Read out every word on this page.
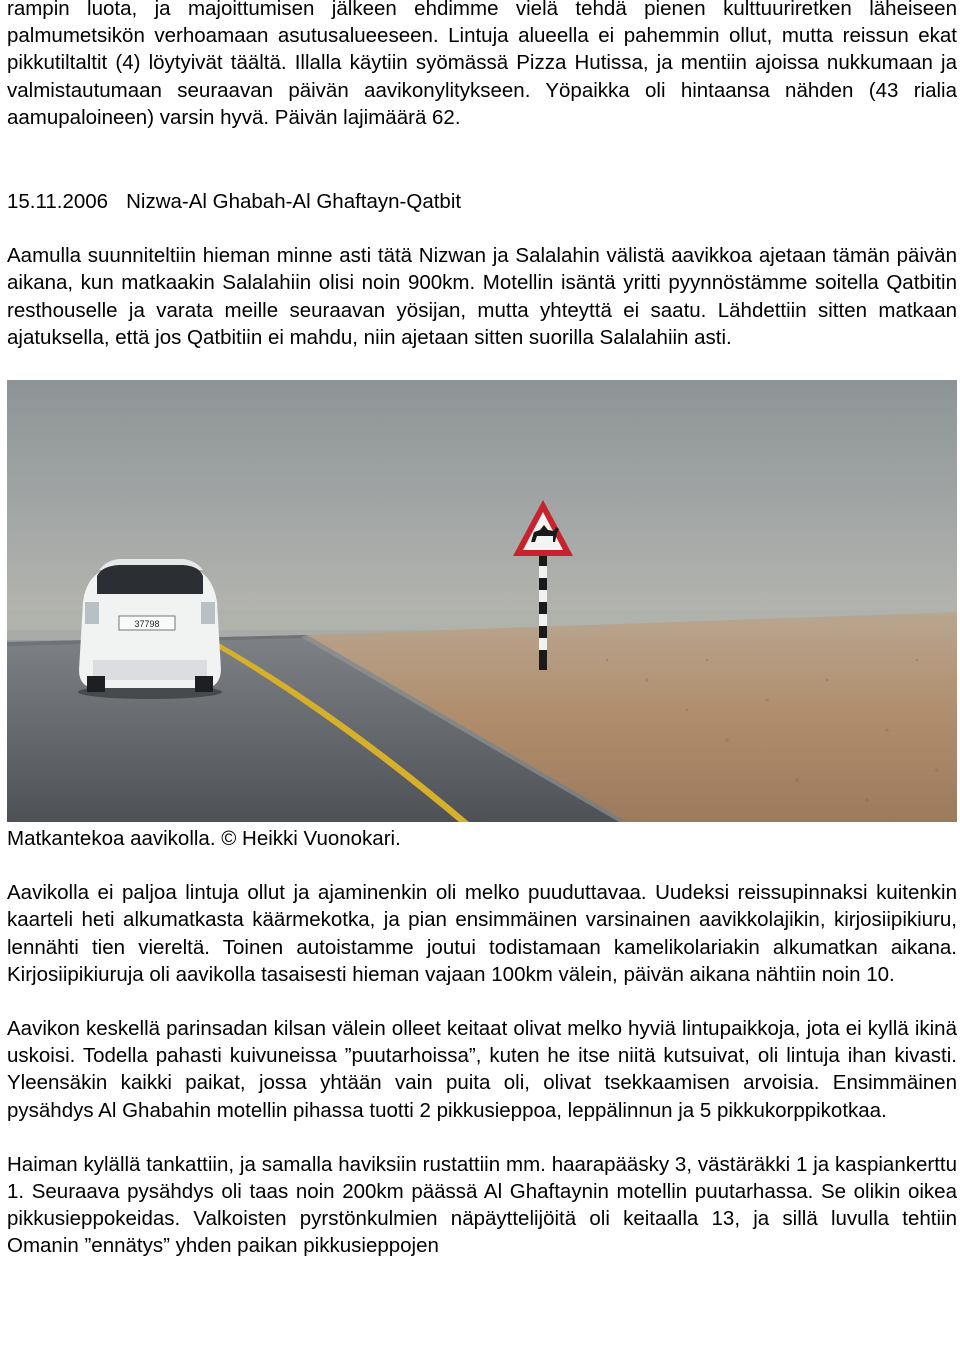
rampin luota, ja majoittumisen jälkeen ehdimme vielä tehdä pienen kulttuuriretken läheiseen palmumetsikön verhoamaan asutusalueeseen. Lintuja alueella ei pahemmin ollut, mutta reissun ekat pikkutiltaltit (4) löytyivät täältä. Illalla käytiin syömässä Pizza Hutissa, ja mentiin ajoissa nukkumaan ja valmistautumaan seuraavan päivän aavikonylitykseen. Yöpaikka oli hintaansa nähden (43 rialia aamupaloineen) varsin hyvä. Päivän lajimäärä 62.

15.11.2006 Nizwa-Al Ghabah-Al Ghaftayn-Qatbit

Aamulla suunniteltiin hieman minne asti tätä Nizwan ja Salalahin välistä aavikkoa ajetaan tämän päivän aikana, kun matkaakin Salalahiin olisi noin 900km. Motellin isäntä yritti pyynnöstämme soitella Qatbitin resthouselle ja varata meille seuraavan yösijan, mutta yhteyttä ei saatu. Lähdettiin sitten matkaan ajatuksella, että jos Qatbitiin ei mahdu, niin ajetaan sitten suorilla Salalahiin asti.

37798
Matkantekoa aavikolla. © Heikki Vuonokari.

Aavikolla ei paljoa lintuja ollut ja ajaminenkin oli melko puuduttavaa. Uudeksi reissupinnaksi kuitenkin kaarteli heti alkumatkasta käärmekotka, ja pian ensimmäinen varsinainen aavikkolajikin, kirjosiipikiuru, lennähti tien viereltä. Toinen autoistamme joutui todistamaan kamelikolariakin alkumatkan aikana. Kirjosiipikiuruja oli aavikolla tasaisesti hieman vajaan 100km välein, päivän aikana nähtiin noin 10.

Aavikon keskellä parinsadan kilsan välein olleet keitaat olivat melko hyviä lintupaikkoja, jota ei kyllä ikinä uskoisi. Todella pahasti kuivuneissa ”puutarhoissa”, kuten he itse niitä kutsuivat, oli lintuja ihan kivasti. Yleensäkin kaikki paikat, jossa yhtään vain puita oli, olivat tsekkaamisen arvoisia. Ensimmäinen pysähdys Al Ghabahin motellin pihassa tuotti 2 pikkusieppoa, leppälinnun ja 5 pikkukorppikotkaa.

Haiman kylällä tankattiin, ja samalla haviksiin rustattiin mm. haarapääsky 3, västäräkki 1 ja kaspiankerttu 1. Seuraava pysähdys oli taas noin 200km päässä Al Ghaftaynin motellin puutarhassa. Se olikin oikea pikkusieppokeidas. Valkoisten pyrstönkulmien näpäyttelijöitä oli keitaalla 13, ja sillä luvulla tehtiin Omanin ”ennätys” yhden paikan pikkusieppojen
